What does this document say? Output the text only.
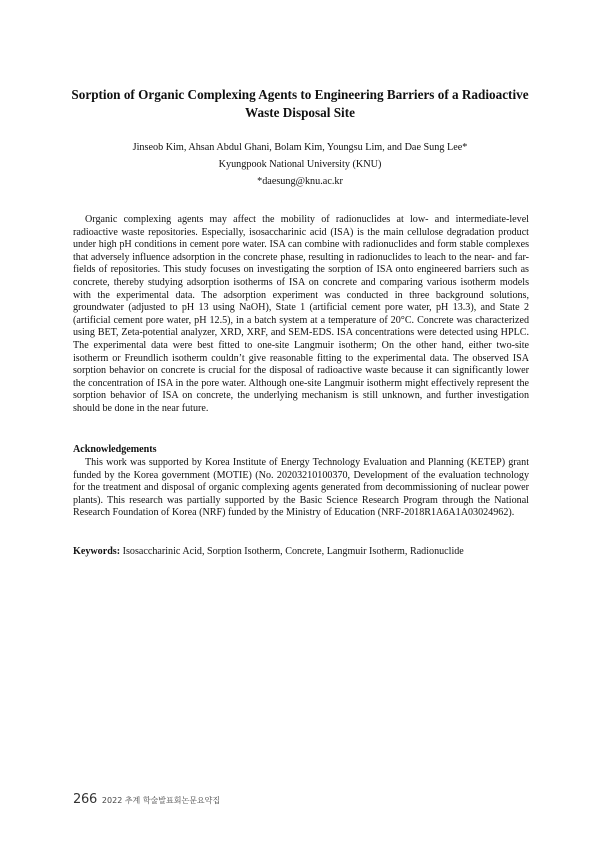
Sorption of Organic Complexing Agents to Engineering Barriers of a Radioactive Waste Disposal Site
Jinseob Kim, Ahsan Abdul Ghani, Bolam Kim, Youngsu Lim, and Dae Sung Lee*
Kyungpook National University (KNU)
*daesung@knu.ac.kr

Organic complexing agents may affect the mobility of radionuclides at low- and intermediate-level radioactive waste repositories. Especially, isosaccharinic acid (ISA) is the main cellulose degradation product under high pH conditions in cement pore water. ISA can combine with radionuclides and form stable complexes that adversely influence adsorption in the concrete phase, resulting in radionuclides to leach to the near- and far-fields of repositories. This study focuses on investigating the sorption of ISA onto engineered barriers such as concrete, thereby studying adsorption isotherms of ISA on concrete and comparing various isotherm models with the experimental data. The adsorption experiment was conducted in three background solutions, groundwater (adjusted to pH 13 using NaOH), State 1 (artificial cement pore water, pH 13.3), and State 2 (artificial cement pore water, pH 12.5), in a batch system at a temperature of 20°C. Concrete was characterized using BET, Zeta-potential analyzer, XRD, XRF, and SEM-EDS. ISA concentrations were detected using HPLC. The experimental data were best fitted to one-site Langmuir isotherm; On the other hand, either two-site isotherm or Freundlich isotherm couldn’t give reasonable fitting to the experimental data. The observed ISA sorption behavior on concrete is crucial for the disposal of radioactive waste because it can significantly lower the concentration of ISA in the pore water. Although one-site Langmuir isotherm might effectively represent the sorption behavior of ISA on concrete, the underlying mechanism is still unknown, and further investigation should be done in the near future.

Acknowledgements

This work was supported by Korea Institute of Energy Technology Evaluation and Planning (KETEP) grant funded by the Korea government (MOTIE) (No. 20203210100370, Development of the evaluation technology for the treatment and disposal of organic complexing agents generated from decommissioning of nuclear power plants). This research was partially supported by the Basic Science Research Program through the National Research Foundation of Korea (NRF) funded by the Ministry of Education (NRF-2018R1A6A1A03024962).

Keywords: Isosaccharinic Acid, Sorption Isotherm, Concrete, Langmuir Isotherm, Radionuclide

266 2022 추계 학술발표회논문요약집
